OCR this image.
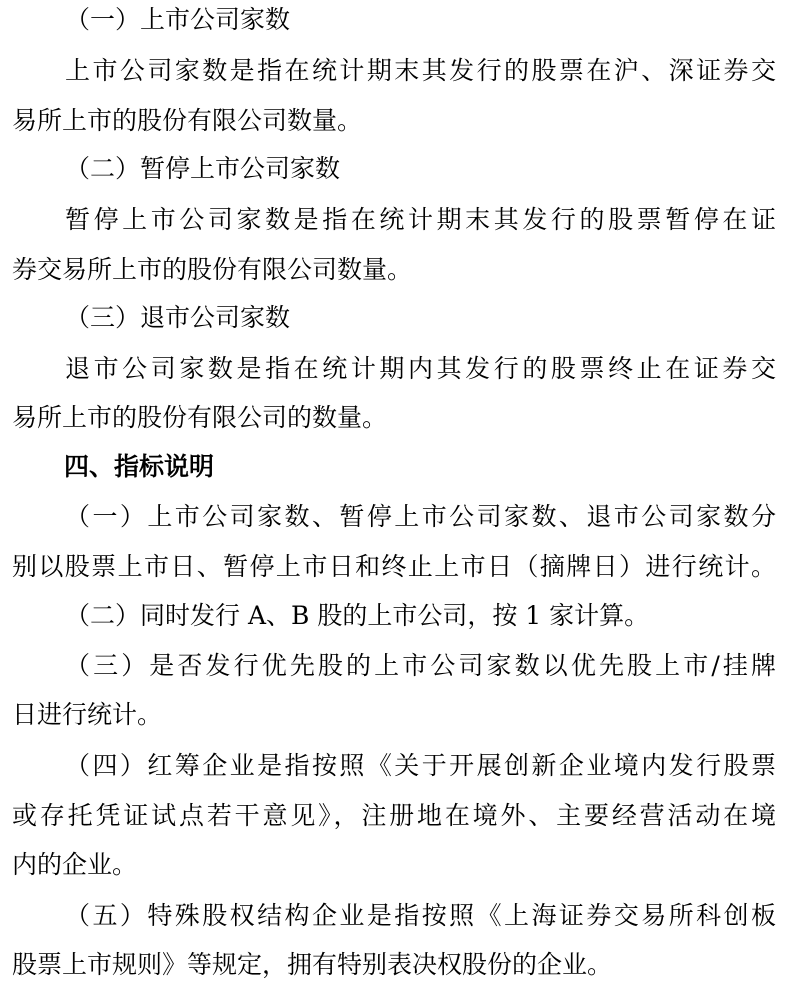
（一）上市公司家数

上市公司家数是指在统计期末其发行的股票在沪、深证券交

易所上市的股份有限公司数量。

（二）暂停上市公司家数

暂停上市公司家数是指在统计期末其发行的股票暂停在证

券交易所上市的股份有限公司数量。

（三）退市公司家数

退市公司家数是指在统计期内其发行的股票终止在证券交

易所上市的股份有限公司的数量。

四、指标说明

（一）上市公司家数、暂停上市公司家数、退市公司家数分

别以股票上市日、暂停上市日和终止上市日（摘牌日）进行统计。

（二）同时发行 A、B 股的上市公司，按 1 家计算。

（三）是否发行优先股的上市公司家数以优先股上市/挂牌

日进行统计。

（四）红筹企业是指按照《关于开展创新企业境内发行股票

或存托凭证试点若干意见》，注册地在境外、主要经营活动在境

内的企业。

（五）特殊股权结构企业是指按照《上海证券交易所科创板

股票上市规则》等规定，拥有特别表决权股份的企业。
